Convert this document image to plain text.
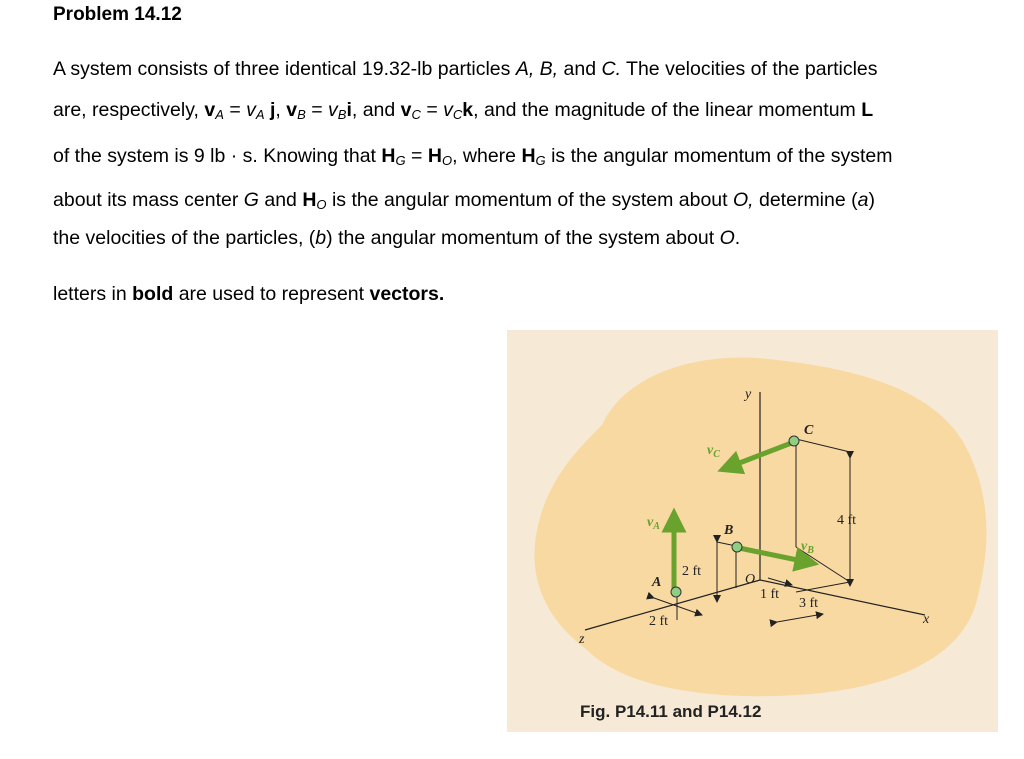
Problem 14.12
A system consists of three identical 19.32-lb particles A, B, and C. The velocities of the particles
are, respectively, $v_A = v_A$ j, $v_B = v_Bi$, and $v_C = v_Ck$, and the magnitude of the linear momentum L
of the system is 9 lb · s. Knowing that $H_G = H_O$, where $H_G$ is the angular momentum of the system
about its mass center G and $H_O$ is the angular momentum of the system about O, determine (a)
the velocities of the particles, (b) the angular momentum of the system about O.
letters in bold are used to represent vectors.
y
x
z
O
C
B
A
$v_C$
$v_A$
$v_B$
4 ft
2 ft
2 ft
1 ft
3 ft
Fig. P14.11 and P14.12
